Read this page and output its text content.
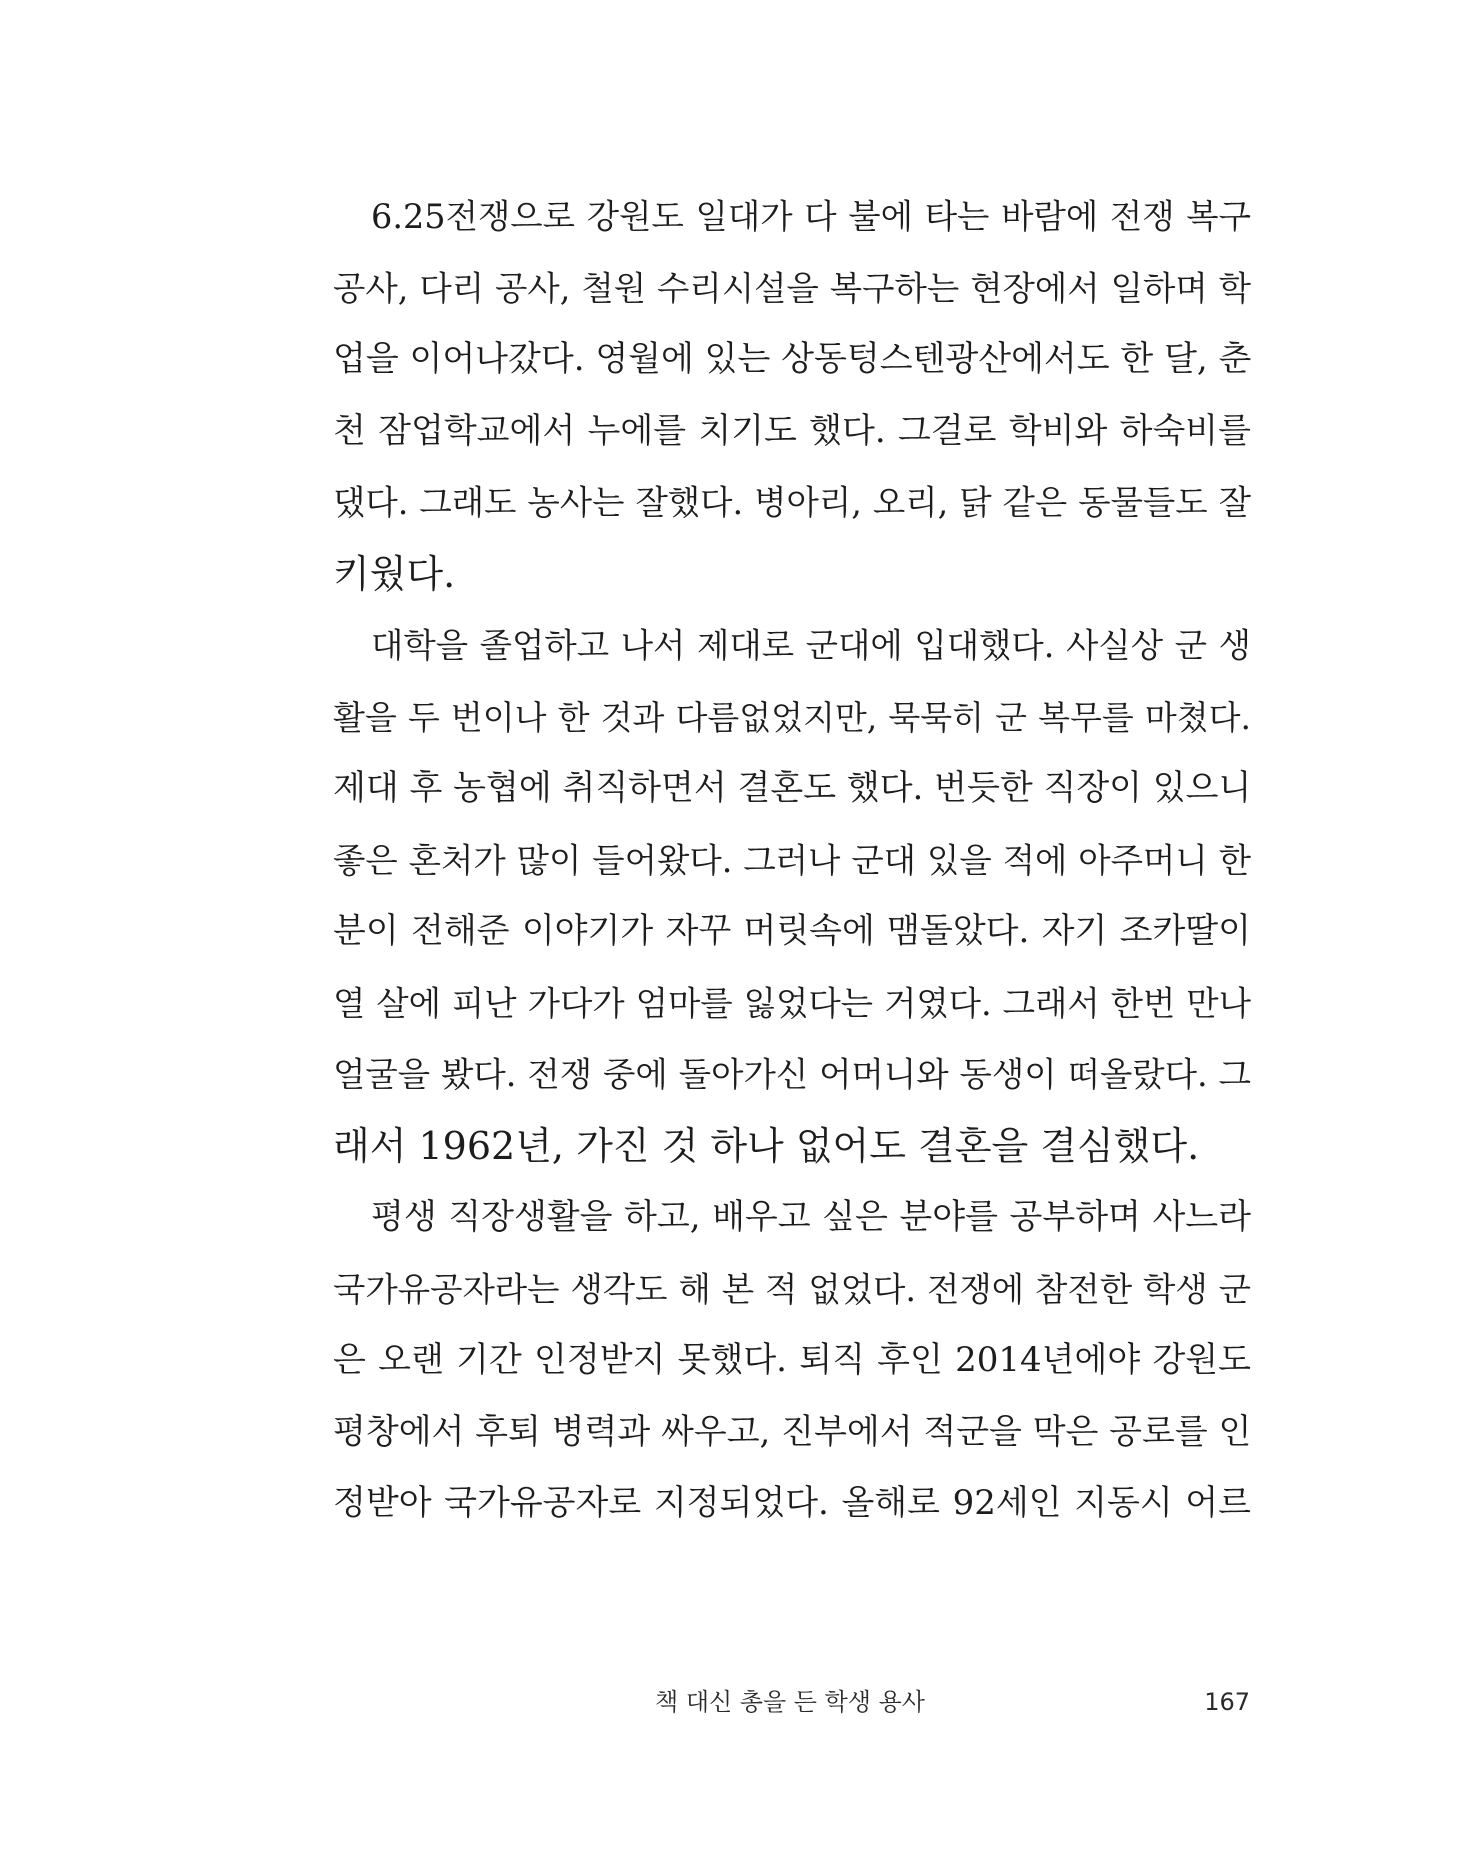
6.25전쟁으로 강원도 일대가 다 불에 타는 바람에 전쟁 복구
공사, 다리 공사, 철원 수리시설을 복구하는 현장에서 일하며 학
업을 이어나갔다. 영월에 있는 상동텅스텐광산에서도 한 달, 춘
천 잠업학교에서 누에를 치기도 했다. 그걸로 학비와 하숙비를
댔다. 그래도 농사는 잘했다. 병아리, 오리, 닭 같은 동물들도 잘
키웠다.

대학을 졸업하고 나서 제대로 군대에 입대했다. 사실상 군 생
활을 두 번이나 한 것과 다름없었지만, 묵묵히 군 복무를 마쳤다.
제대 후 농협에 취직하면서 결혼도 했다. 번듯한 직장이 있으니
좋은 혼처가 많이 들어왔다. 그러나 군대 있을 적에 아주머니 한
분이 전해준 이야기가 자꾸 머릿속에 맴돌았다. 자기 조카딸이
열 살에 피난 가다가 엄마를 잃었다는 거였다. 그래서 한번 만나
얼굴을 봤다. 전쟁 중에 돌아가신 어머니와 동생이 떠올랐다. 그
래서 1962년, 가진 것 하나 없어도 결혼을 결심했다.

평생 직장생활을 하고, 배우고 싶은 분야를 공부하며 사느라
국가유공자라는 생각도 해 본 적 없었다. 전쟁에 참전한 학생 군
은 오랜 기간 인정받지 못했다. 퇴직 후인 2014년에야 강원도
평창에서 후퇴 병력과 싸우고, 진부에서 적군을 막은 공로를 인
정받아 국가유공자로 지정되었다. 올해로 92세인 지동시 어르

책 대신 총을 든 학생 용사	167
